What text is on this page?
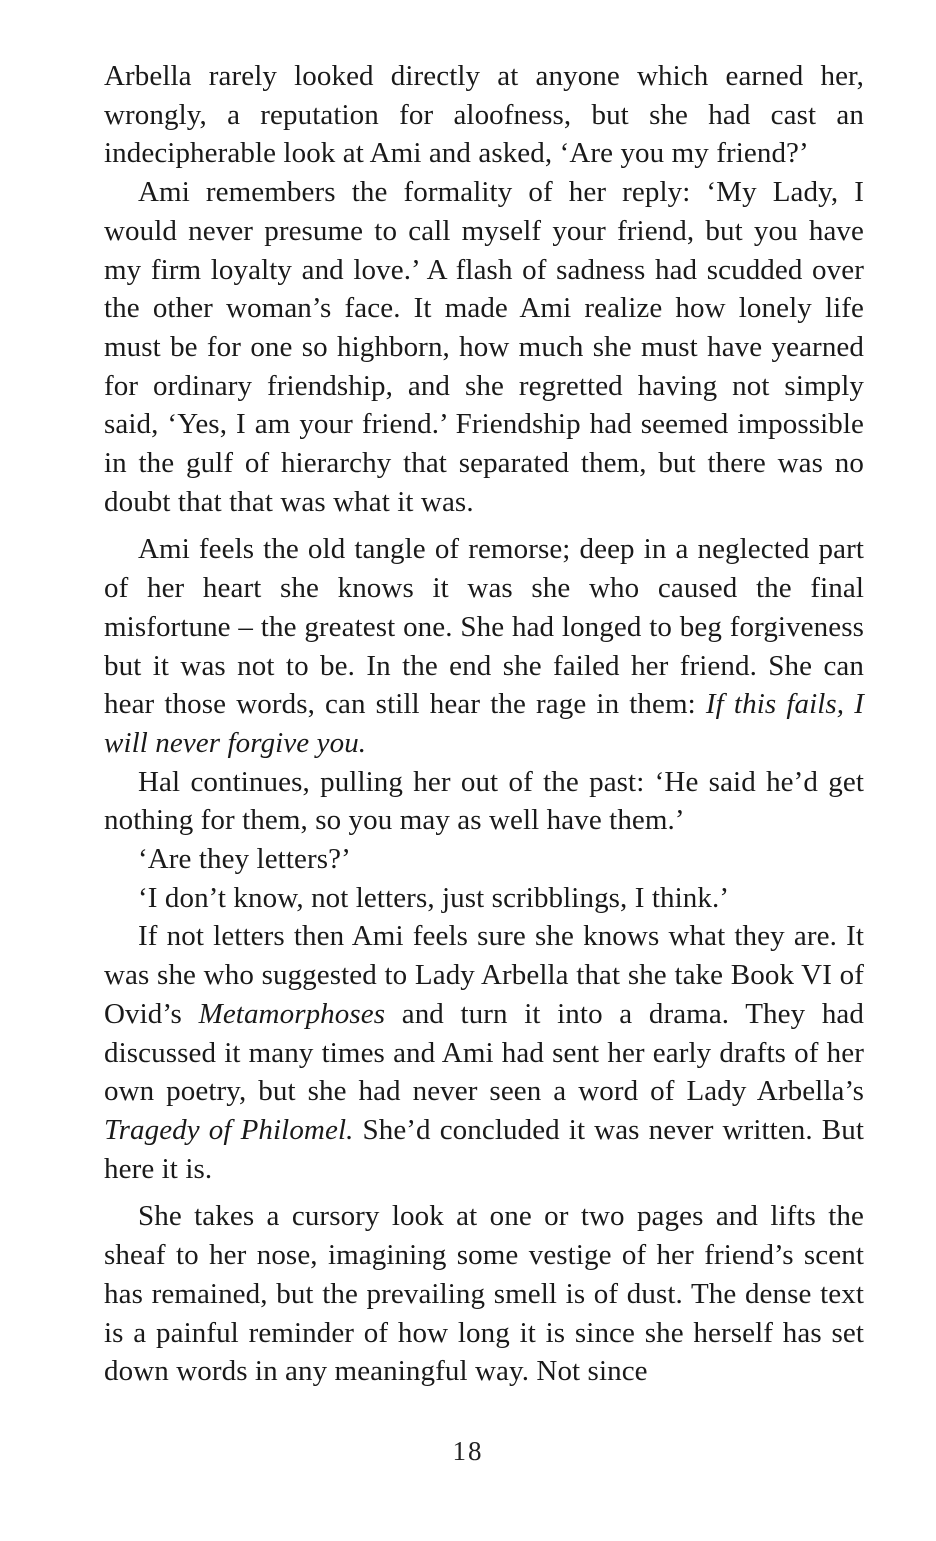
Arbella rarely looked directly at anyone which earned her, wrongly, a reputation for aloofness, but she had cast an indecipherable look at Ami and asked, ‘Are you my friend?’

Ami remembers the formality of her reply: ‘My Lady, I would never presume to call myself your friend, but you have my firm loyalty and love.’ A flash of sadness had scudded over the other woman’s face. It made Ami realize how lonely life must be for one so highborn, how much she must have yearned for ordinary friendship, and she regretted having not simply said, ‘Yes, I am your friend.’ Friendship had seemed impossible in the gulf of hierarchy that separated them, but there was no doubt that that was what it was.

Ami feels the old tangle of remorse; deep in a neglected part of her heart she knows it was she who caused the final misfortune – the greatest one. She had longed to beg forgiveness but it was not to be. In the end she failed her friend. She can hear those words, can still hear the rage in them: If this fails, I will never forgive you.

Hal continues, pulling her out of the past: ‘He said he’d get nothing for them, so you may as well have them.’

‘Are they letters?’

‘I don’t know, not letters, just scribblings, I think.’

If not letters then Ami feels sure she knows what they are. It was she who suggested to Lady Arbella that she take Book VI of Ovid’s Metamorphoses and turn it into a drama. They had discussed it many times and Ami had sent her early drafts of her own poetry, but she had never seen a word of Lady Arbella’s Tragedy of Philomel. She’d concluded it was never written. But here it is.

She takes a cursory look at one or two pages and lifts the sheaf to her nose, imagining some vestige of her friend’s scent has remained, but the prevailing smell is of dust. The dense text is a painful reminder of how long it is since she herself has set down words in any meaningful way. Not since

18
